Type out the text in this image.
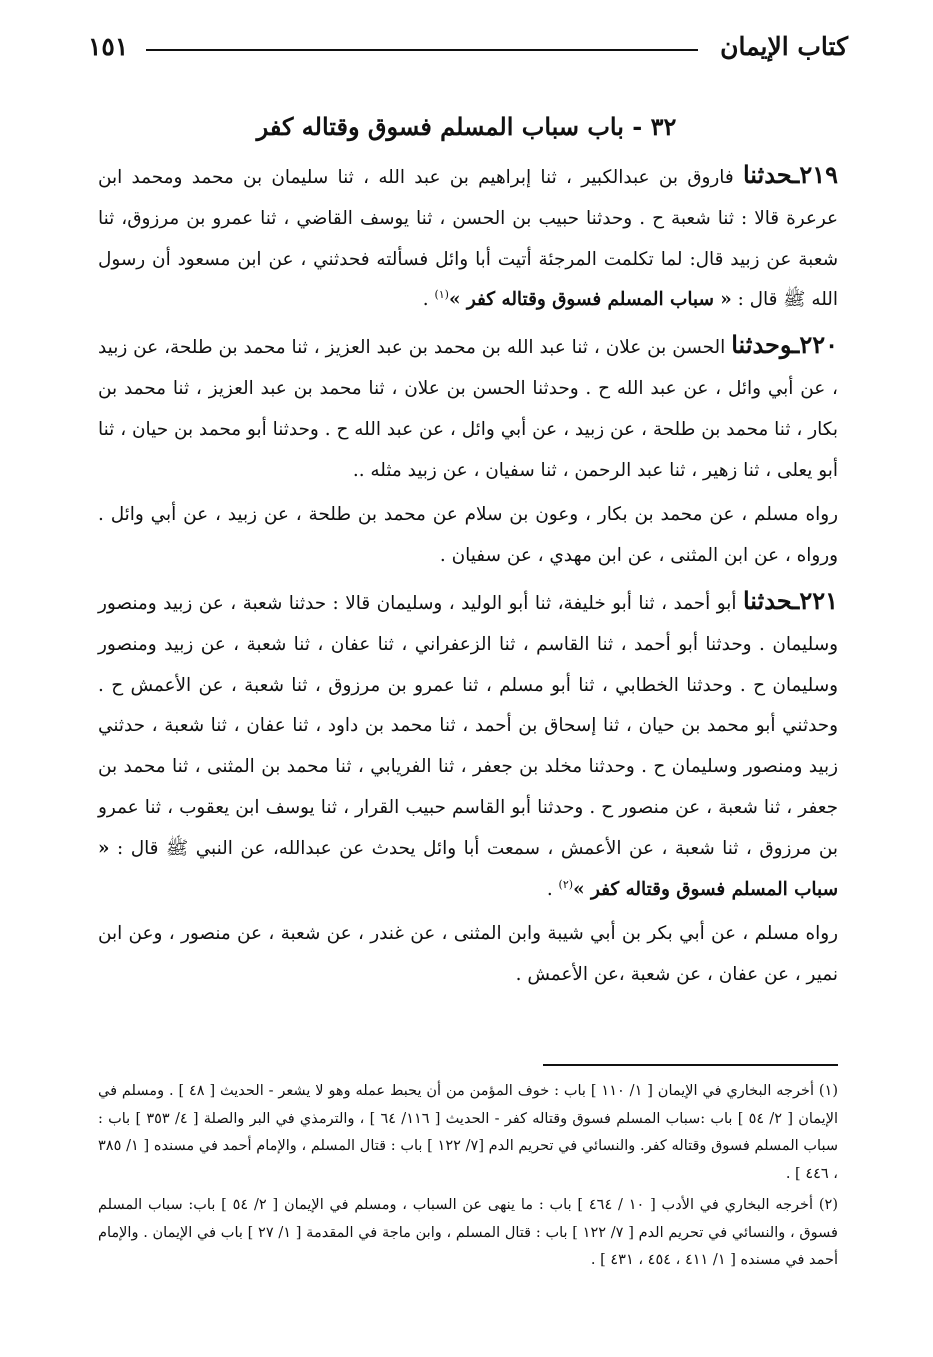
كتاب الإيمان
١٥١
٣٢ - باب سباب المسلم فسوق وقتاله كفر

٢١٩ـحدثنا فاروق بن عبدالكبير ، ثنا إبراهيم بن عبد الله ، ثنا سليمان بن محمد ومحمد ابن عرعرة قالا : ثنا شعبة ح . وحدثنا حبيب بن الحسن ، ثنا يوسف القاضي ، ثنا عمرو بن مرزوق، ثنا شعبة عن زبيد قال: لما تكلمت المرجئة أتيت أبا وائل فسألته فحدثني ، عن ابن مسعود أن رسول الله ﷺ قال : « سباب المسلم فسوق وقتاله كفر »$^{(١)}$ .

٢٢٠ـوحدثنا الحسن بن علان ، ثنا عبد الله بن محمد بن عبد العزيز ، ثنا محمد بن طلحة، عن زبيد ، عن أبي وائل ، عن عبد الله ح . وحدثنا الحسن بن علان ، ثنا محمد بن عبد العزيز ، ثنا محمد بن بكار ، ثنا محمد بن طلحة ، عن زبيد ، عن أبي وائل ، عن عبد الله ح . وحدثنا أبو محمد بن حيان ، ثنا أبو يعلى ، ثنا زهير ، ثنا عبد الرحمن ، ثنا سفيان ، عن زبيد مثله ..

رواه مسلم ، عن محمد بن بكار ، وعون بن سلام عن محمد بن طلحة ، عن زبيد ، عن أبي وائل . ورواه ، عن ابن المثنى ، عن ابن مهدي ، عن سفيان .

٢٢١ـحدثنا أبو أحمد ، ثنا أبو خليفة، ثنا أبو الوليد ، وسليمان قالا : حدثنا شعبة ، عن زبيد ومنصور وسليمان . وحدثنا أبو أحمد ، ثنا القاسم ، ثنا الزعفراني ، ثنا عفان ، ثنا شعبة ، عن زبيد ومنصور وسليمان ح . وحدثنا الخطابي ، ثنا أبو مسلم ، ثنا عمرو بن مرزوق ، ثنا شعبة ، عن الأعمش ح . وحدثني أبو محمد بن حيان ، ثنا إسحاق بن أحمد ، ثنا محمد بن داود ، ثنا عفان ، ثنا شعبة ، حدثني زبيد ومنصور وسليمان ح . وحدثنا مخلد بن جعفر ، ثنا الفريابي ، ثنا محمد بن المثنى ، ثنا محمد بن جعفر ، ثنا شعبة ، عن منصور ح . وحدثنا أبو القاسم حبيب القرار ، ثنا يوسف ابن يعقوب ، ثنا عمرو بن مرزوق ، ثنا شعبة ، عن الأعمش ، سمعت أبا وائل يحدث عن عبدالله، عن النبي ﷺ قال : « سباب المسلم فسوق وقتاله كفر »$^{(٢)}$ .

رواه مسلم ، عن أبي بكر بن أبي شيبة وابن المثنى ، عن غندر ، عن شعبة ، عن منصور ، وعن ابن نمير ، عن عفان ، عن شعبة ،عن الأعمش .

(١) أخرجه البخاري في الإيمان [ ١/ ١١٠ ] باب : خوف المؤمن من أن يحبط عمله وهو لا يشعر - الحديث [ ٤٨ ] . ومسلم في الإيمان [ ٢/ ٥٤ ] باب :سباب المسلم فسوق وقتاله كفر - الحديث [ ١١٦/ ٦٤ ] ، والترمذي في البر والصلة [ ٤/ ٣٥٣ ] باب : سباب المسلم فسوق وقتاله كفر. والنسائي في تحريم الدم [٧/ ١٢٢ ] باب : قتال المسلم ، والإمام أحمد في مسنده [ ١/ ٣٨٥ ، ٤٤٦ ] .

(٢) أخرجه البخاري في الأدب [ ١٠ / ٤٦٤ ] باب : ما ينهى عن السباب ، ومسلم في الإيمان [ ٢/ ٥٤ ] باب: سباب المسلم فسوق ، والنسائي في تحريم الدم [ ٧/ ١٢٢ ] باب : قتال المسلم ، وابن ماجة في المقدمة [ ١/ ٢٧ ] باب في الإيمان . والإمام أحمد في مسنده [ ١/ ٤١١ ، ٤٥٤ ، ٤٣١ ] .
